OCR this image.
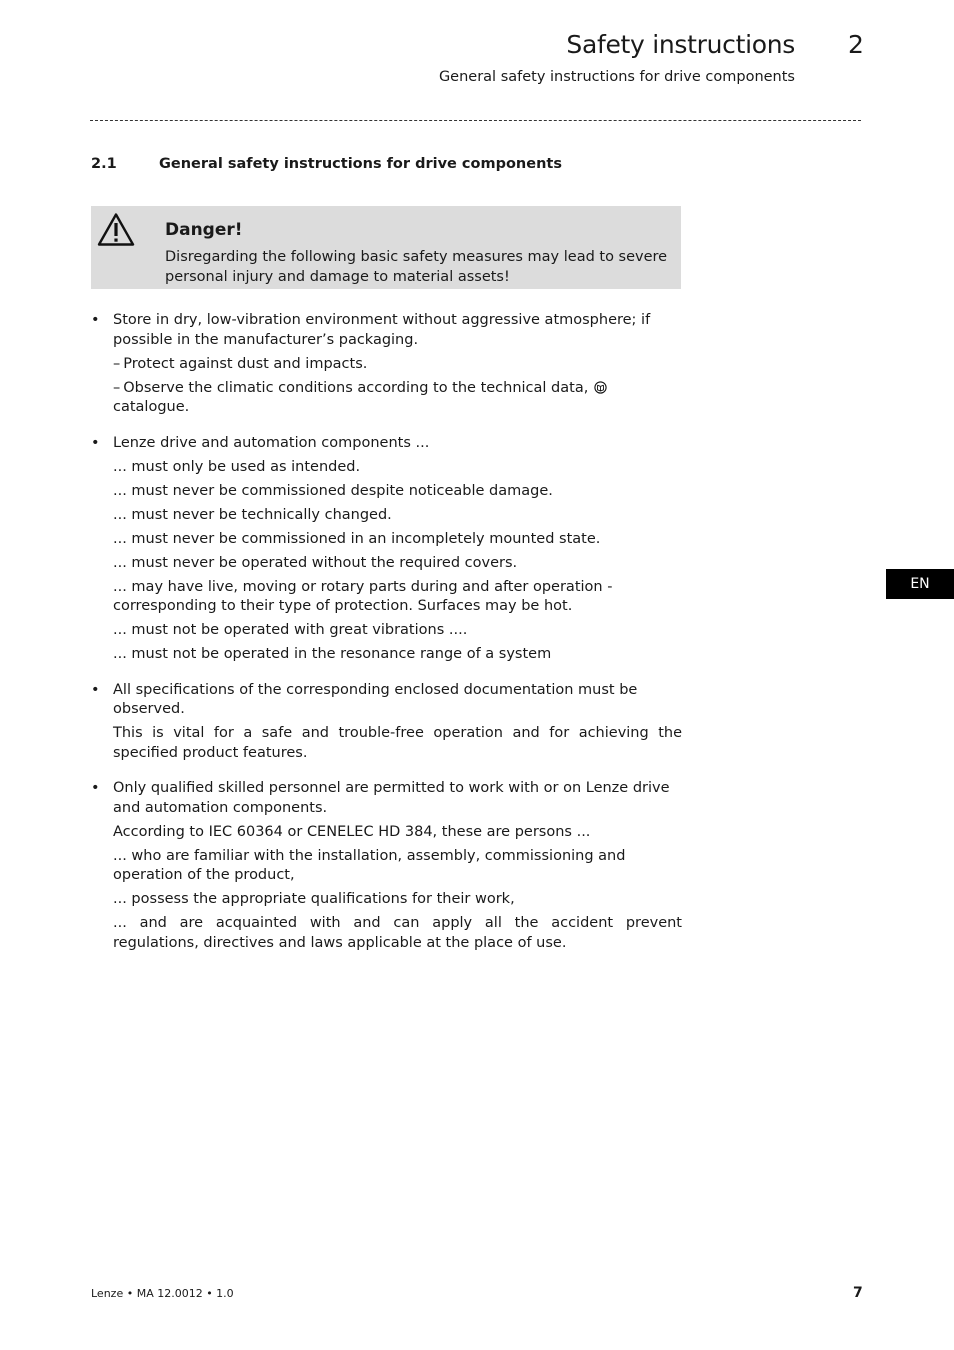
Safety instructions 2
General safety instructions for drive components
2.1	General safety instructions for drive components
Danger!
Disregarding the following basic safety measures may lead to severe personal injury and damage to material assets!
• Store in dry, low-vibration environment without aggressive atmosphere; if possible in the manufacturer’s packaging.

– Protect against dust and impacts.

– Observe the climatic conditions according to the technical data,  catalogue.

• Lenze drive and automation components ...

... must only be used as intended.

... must never be commissioned despite noticeable damage.

... must never be technically changed.

... must never be commissioned in an incompletely mounted state.

... must never be operated without the required covers.

... may have live, moving or rotary parts during and after operation - corresponding to their type of protection. Surfaces may be hot.

... must not be operated with great vibrations ....

... must not be operated in the resonance range of a system

• All specifications of the corresponding enclosed documentation must be observed.

This is vital for a safe and trouble-free operation and for achieving the specified product features.

• Only qualified skilled personnel are permitted to work with or on Lenze drive and automation components.

According to IEC 60364 or CENELEC HD 384, these are persons ...

... who are familiar with the installation, assembly, commissioning and operation of the product,

... possess the appropriate qualifications for their work,

... and are acquainted with and can apply all the accident prevent regulations, directives and laws applicable at the place of use.

EN
Lenze • MA 12.0012 • 1.0	7
